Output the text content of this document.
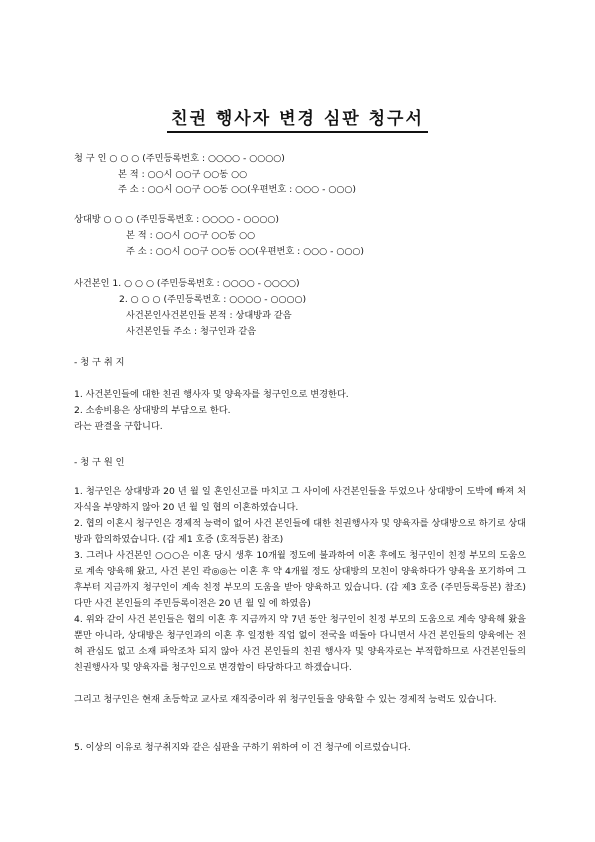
친권 행사자 변경 심판 청구서
청 구 인 ○ ○ ○ (주민등록번호 : ○○○○ - ○○○○)
본 적 : ○○시 ○○구 ○○동 ○○
주 소 : ○○시 ○○구 ○○동 ○○(우편번호 : ○○○ - ○○○)
상대방 ○ ○ ○ (주민등록번호 : ○○○○ - ○○○○)
본 적 : ○○시 ○○구 ○○동 ○○
주 소 : ○○시 ○○구 ○○동 ○○(우편번호 : ○○○ - ○○○)
사건본인 1. ○ ○ ○ (주민등록번호 : ○○○○ - ○○○○)
2. ○ ○ ○ (주민등록번호 : ○○○○ - ○○○○)
사건본인사건본인들 본적 : 상대방과 같음
사건본인들 주소 : 청구인과 같음
- 청 구 취 지
1. 사건본인들에 대한 친권 행사자 및 양육자를 청구인으로 변경한다.
2. 소송비용은 상대방의 부담으로 한다.
라는 판결을 구합니다.
- 청 구 원 인
1. 청구인은 상대방과 20 년 월 일 혼인신고를 마치고 그 사이에 사건본인들을 두었으나 상대방이 도박에 빠져 처자식을 부양하지 않아 20 년 월 일 협의 이혼하였습니다.
2. 협의 이혼시 청구인은 경제적 능력이 없어 사건 본인들에 대한 친권행사자 및 양육자를 상대방으로 하기로 상대방과 합의하였습니다. (갑 제1 호증 (호적등본) 참조)
3. 그러나 사건본인 ○○○은 이혼 당시 생후 10개월 정도에 불과하여 이혼 후에도 청구인이 친정 부모의 도움으로 계속 양육해 왔고, 사건 본인 곽◎◎는 이혼 후 약 4개월 정도 상대방의 모친이 양육하다가 양육을 포기하여 그 후부터 지금까지 청구인이 계속 친정 부모의 도움을 받아 양육하고 있습니다. (갑 제3 호증 (주민등록등본) 참조) 다만 사건 본인들의 주민등록이전은 20 년 월 일 에 하였음)
4. 위와 같이 사건 본인들은 협의 이혼 후 지금까지 약 7년 동안 청구인이 친정 부모의 도움으로 계속 양육해 왔을 뿐만 아니라, 상대방은 청구인과의 이혼 후 일정한 직업 없이 전국을 떠돌아 다니면서 사건 본인들의 양육에는 전혀 관심도 없고 소재 파악조차 되지 않아 사건 본인들의 친권 행사자 및 양육자로는 부적합하므로 사건본인들의 친권행사자 및 양육자를 청구인으로 변경함이 타당하다고 하겠습니다.
그리고 청구인은 현재 초등학교 교사로 재직중이라 위 청구인들을 양육할 수 있는 경제적 능력도 있습니다.
5. 이상의 이유로 청구취지와 같은 심판을 구하기 위하여 이 건 청구에 이르렀습니다.
